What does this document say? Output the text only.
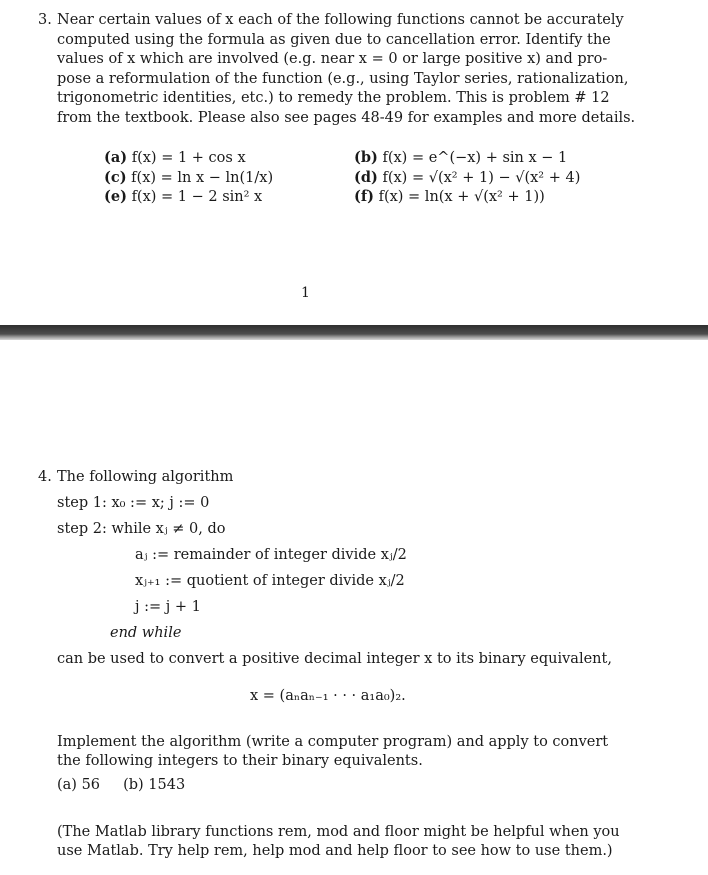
3. Near certain values of x each of the following functions cannot be accurately
computed using the formula as given due to cancellation error. Identify the
values of x which are involved (e.g. near x = 0 or large positive x) and pro-
pose a reformulation of the function (e.g., using Taylor series, rationalization,
trigonometric identities, etc.) to remedy the problem. This is problem # 12
from the textbook. Please also see pages 48-49 for examples and more details.
(a) f(x) = 1 + cos x	(b) f(x) = e^(−x) + sin x − 1
(c) f(x) = ln x − ln(1/x)	(d) f(x) = √(x² + 1) − √(x² + 4)
(e) f(x) = 1 − 2 sin² x	(f) f(x) = ln(x + √(x² + 1))
1
4. The following algorithm
step 1: x₀ := x; j := 0
step 2: while xⱼ ≠ 0, do
aⱼ := remainder of integer divide xⱼ/2
xⱼ₊₁ := quotient of integer divide xⱼ/2
j := j + 1
end while
can be used to convert a positive decimal integer x to its binary equivalent,
x = (aₙaₙ₋₁ · · · a₁a₀)₂.
Implement the algorithm (write a computer program) and apply to convert
the following integers to their binary equivalents.
(a) 56 (b) 1543
(The Matlab library functions rem, mod and floor might be helpful when you
use Matlab. Try help rem, help mod and help floor to see how to use them.)
